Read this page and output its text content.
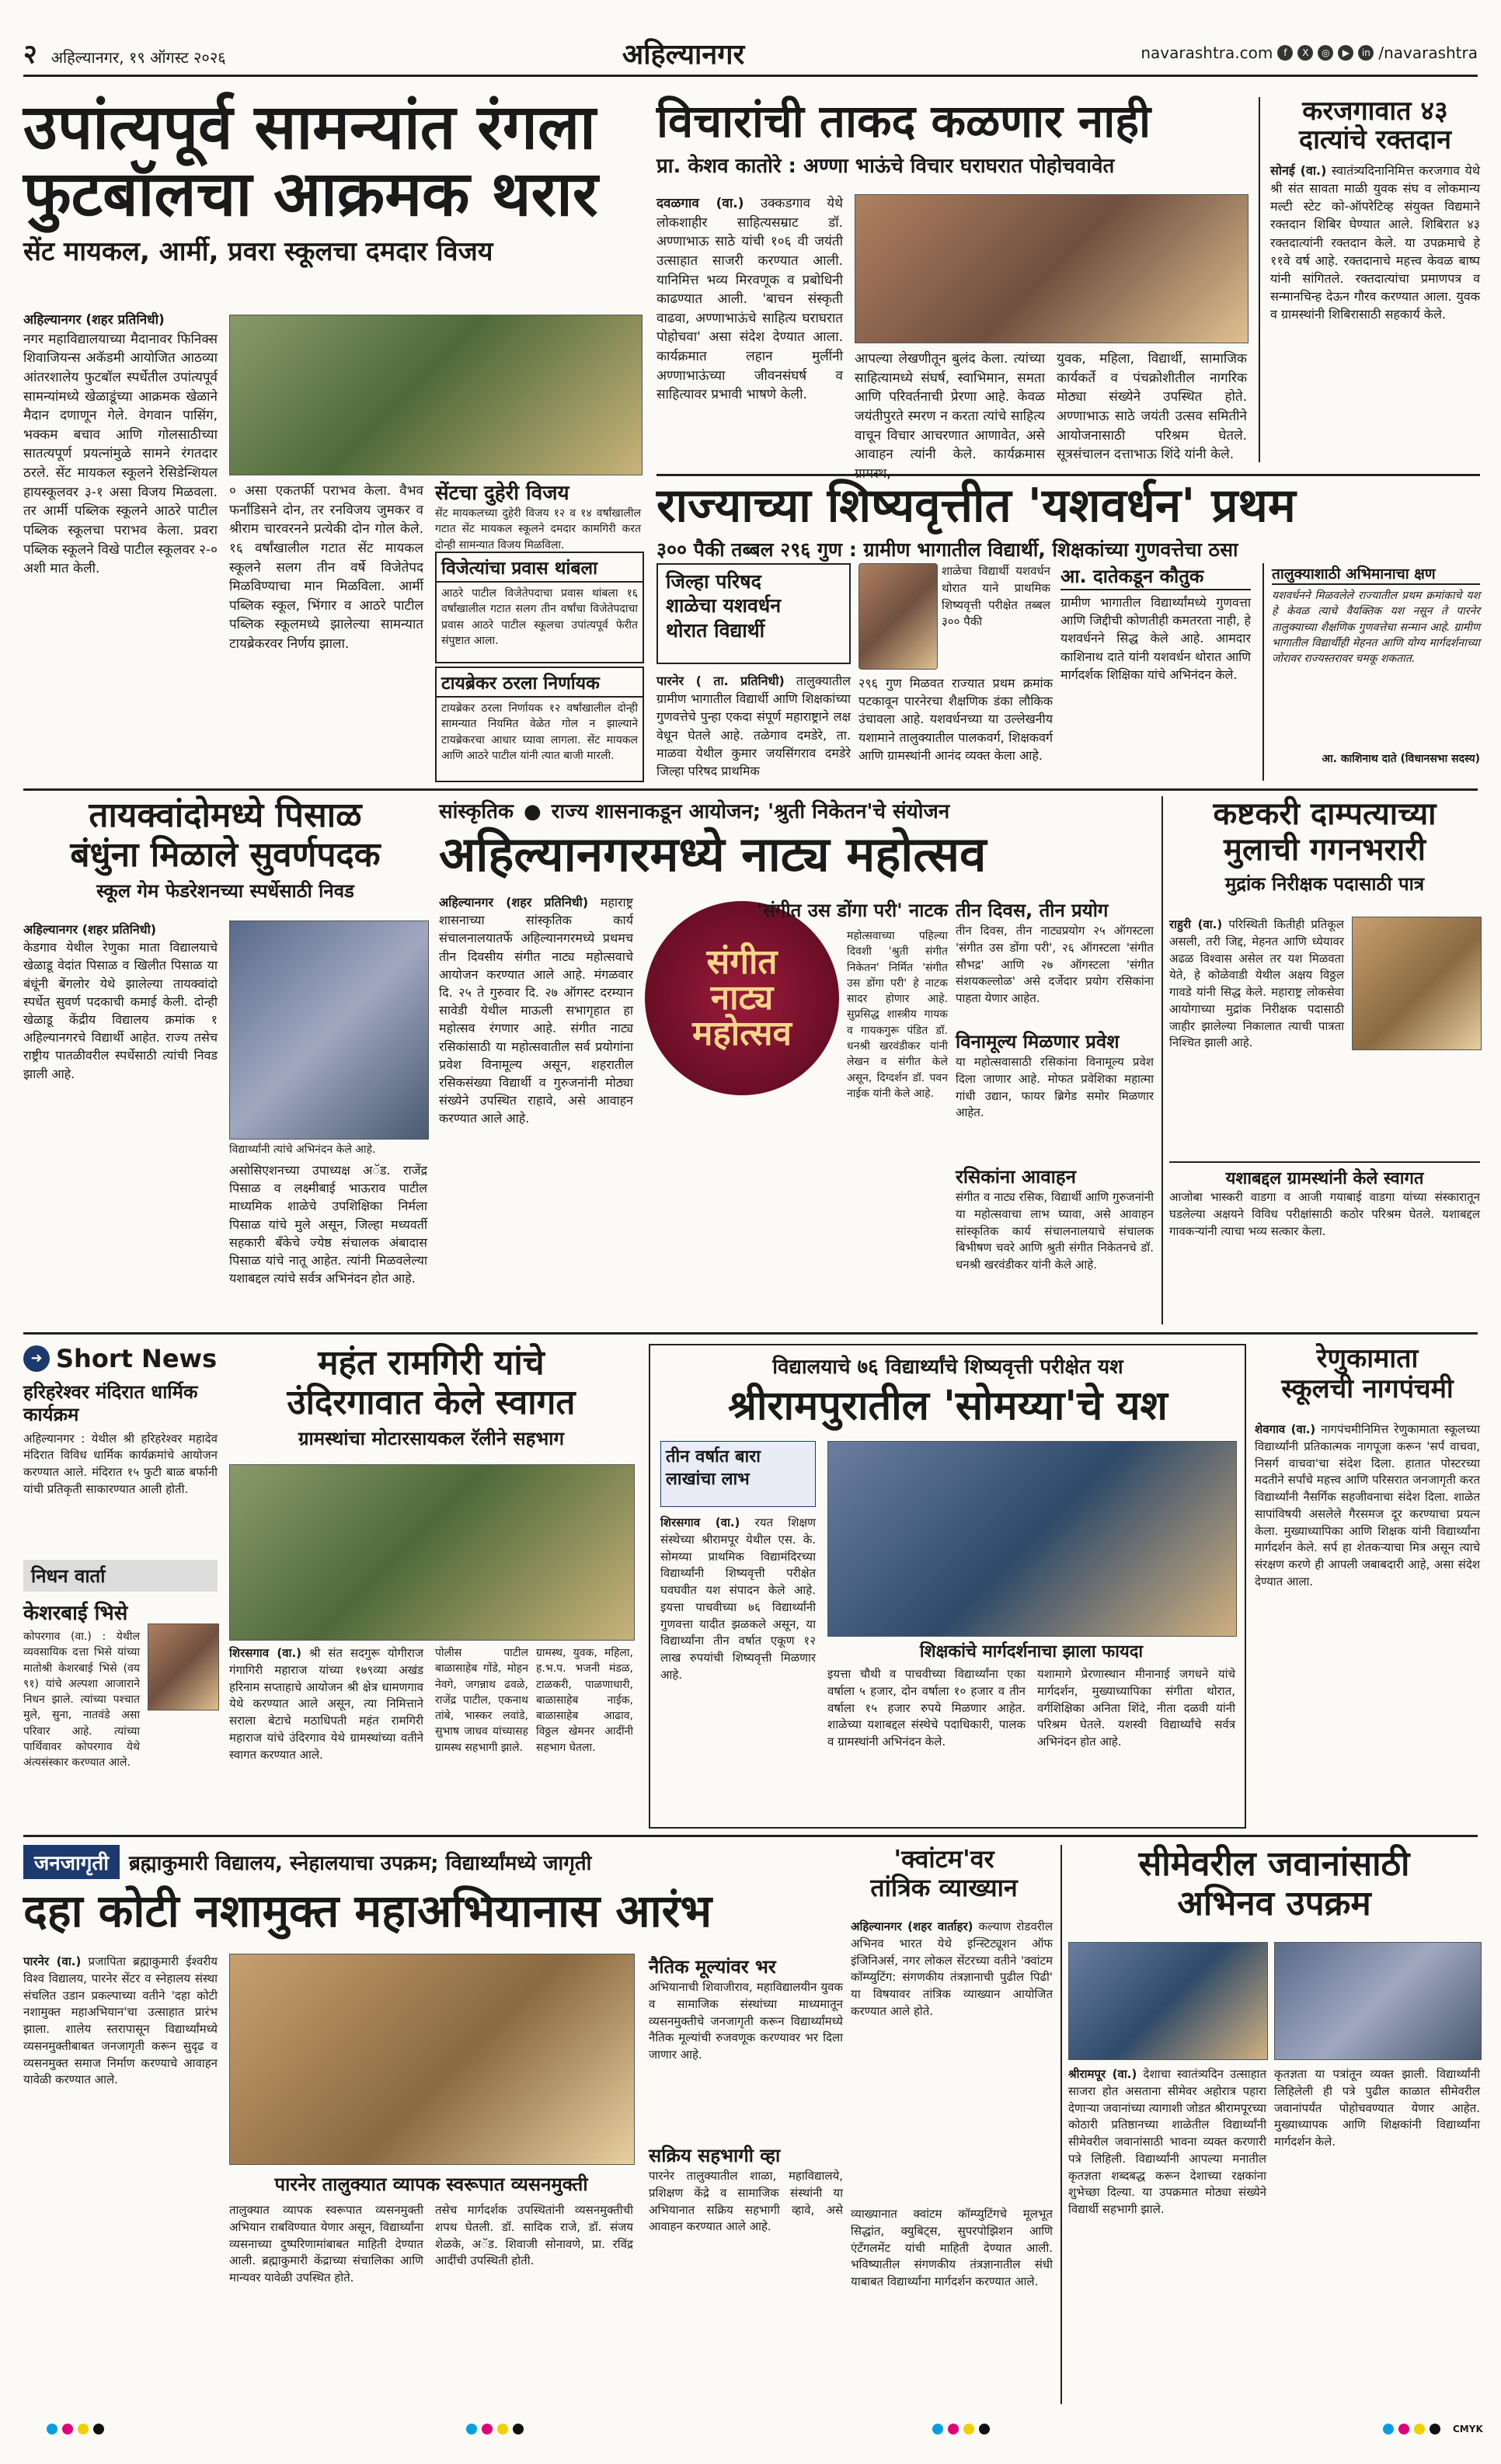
२ अहिल्यानगर, १९ ऑगस्ट २०२६	अहिल्यानगर	navarashtra.com	f	X	◎	▶	in /navarashtra
उपांत्यपूर्व सामन्यांत रंगला
फुटबॉलचा आक्रमक थरार
सेंट मायकल, आर्मी, प्रवरा स्कूलचा दमदार विजय
अहिल्यानगर (शहर प्रतिनिधी)
नगर महाविद्यालयाच्या मैदानावर फिनिक्स शिवाजियन्स अकॅडमी आयोजित आठव्या आंतरशालेय फुटबॉल स्पर्धेतील उपांत्यपूर्व सामन्यांमध्ये खेळाडूंच्या आक्रमक खेळाने मैदान दणाणून गेले. वेगवान पासिंग, भक्कम बचाव आणि गोलसाठीच्या सातत्यपूर्ण प्रयत्नांमुळे सामने रंगतदार ठरले. सेंट मायकल स्कूलने रेसिडेन्शियल हायस्कूलवर ३-१ असा विजय मिळवला. तर आर्मी पब्लिक स्कूलने आठरे पाटील पब्लिक स्कूलचा पराभव केला. प्रवरा पब्लिक स्कूलने विखे पाटील स्कूलवर २-० अशी मात केली.
० असा एकतर्फी पराभव केला. वैभव फर्नांडिसने दोन, तर रनविजय जुमकर व श्रीराम चारवरनने प्रत्येकी दोन गोल केले. १६ वर्षांखालील गटात सेंट मायकल स्कूलने सलग तीन वर्षे विजेतेपद मिळविण्याचा मान मिळविला. आर्मी पब्लिक स्कूल, भिंगार व आठरे पाटील पब्लिक स्कूलमध्ये झालेल्या सामन्यात टायब्रेकरवर निर्णय झाला.
सेंटचा दुहेरी विजय
सेंट मायकलच्या दुहेरी विजय १२ व १४ वर्षांखालील गटात सेंट मायकल स्कूलने दमदार कामगिरी करत दोन्ही सामन्यात विजय मिळविला.
विजेत्यांचा प्रवास थांबला
आठरे पाटील विजेतेपदाचा प्रवास थांबला १६ वर्षांखालील गटात सलग तीन वर्षांचा विजेतेपदाचा प्रवास आठरे पाटील स्कूलचा उपांत्यपूर्व फेरीत संपुष्टात आला.
टायब्रेकर ठरला निर्णायक
टायब्रेकर ठरला निर्णायक १२ वर्षांखालील दोन्ही सामन्यात नियमित वेळेत गोल न झाल्याने टायब्रेकरचा आधार घ्यावा लागला. सेंट मायकल आणि आठरे पाटील यांनी त्यात बाजी मारली.
विचारांची ताकद कळणार नाही
प्रा. केशव कातोरे : अण्णा भाऊंचे विचार घराघरात पोहोचवावेत
दवळगाव (वा.) उक्कडगाव येथे लोकशाहीर साहित्यसम्राट डॉ. अण्णाभाऊ साठे यांची १०६ वी जयंती उत्साहात साजरी करण्यात आली. यानिमित्त भव्य मिरवणूक व प्रबोधिनी काढण्यात आली. 'बाचन संस्कृती वाढवा, अण्णाभाऊंचे साहित्य घराघरात पोहोचवा' असा संदेश देण्यात आला. कार्यक्रमात लहान मुलींनी अण्णाभाऊंच्या जीवनसंघर्ष व साहित्यावर प्रभावी भाषणे केली.
आपल्या लेखणीतून बुलंद केला. त्यांच्या साहित्यामध्ये संघर्ष, स्वाभिमान, समता आणि परिवर्तनाची प्रेरणा आहे. केवळ जयंतीपुरते स्मरण न करता त्यांचे साहित्य वाचून विचार आचरणात आणावेत, असे आवाहन त्यांनी केले. कार्यक्रमास ग्रामस्थ,
युवक, महिला, विद्यार्थी, सामाजिक कार्यकर्ते व पंचक्रोशीतील नागरिक मोठ्या संख्येने उपस्थित होते. अण्णाभाऊ साठे जयंती उत्सव समितीने आयोजनासाठी परिश्रम घेतले. सूत्रसंचालन दत्ताभाऊ शिंदे यांनी केले.
करजगावात ४३
दात्यांचे रक्तदान
सोनई (वा.) स्वातंत्र्यदिनानिमित्त करजगाव येथे श्री संत सावता माळी युवक संघ व लोकमान्य मल्टी स्टेट को-ऑपरेटिव्ह संयुक्त विद्यमाने रक्तदान शिबिर घेण्यात आले. शिबिरात ४३ रक्तदात्यांनी रक्तदान केले. या उपक्रमाचे हे ११वे वर्ष आहे. रक्तदानाचे महत्त्व केवळ बाष्प यांनी सांगितले. रक्तदात्यांचा प्रमाणपत्र व सन्मानचिन्ह देऊन गौरव करण्यात आला. युवक व ग्रामस्थांनी शिबिरासाठी सहकार्य केले.
राज्याच्या शिष्यवृत्तीत 'यशवर्धन' प्रथम
३०० पैकी तब्बल २९६ गुण : ग्रामीण भागातील विद्यार्थी, शिक्षकांच्या गुणवत्तेचा ठसा
जिल्हा परिषद
शाळेचा यशवर्धन
थोरात विद्यार्थी
शाळेचा विद्यार्थी यशवर्धन थोरात याने प्राथमिक शिष्यवृत्ती परीक्षेत तब्बल ३०० पैकी
पारनेर ( ता. प्रतिनिधी) तालुक्यातील ग्रामीण भागातील विद्यार्थी आणि शिक्षकांच्या गुणवत्तेचे पुन्हा एकदा संपूर्ण महाराष्ट्राने लक्ष वेधून घेतले आहे. तळेगाव दमडेरे, ता. माळवा येथील कुमार जयसिंगराव दमडेरे जिल्हा परिषद प्राथमिक
२९६ गुण मिळवत राज्यात प्रथम क्रमांक पटकावून पारनेरचा शैक्षणिक डंका लौकिक उंचावला आहे. यशवर्धनच्या या उल्लेखनीय यशामाने तालुक्यातील पालकवर्ग, शिक्षकवर्ग आणि ग्रामस्थांनी आनंद व्यक्त केला आहे.
आ. दातेकडून कौतुक
ग्रामीण भागातील विद्यार्थ्यांमध्ये गुणवत्ता आणि जिद्दीची कोणतीही कमतरता नाही, हे यशवर्धनने सिद्ध केले आहे. आमदार काशिनाथ दाते यांनी यशवर्धन थोरात आणि मार्गदर्शक शिक्षिका यांचे अभिनंदन केले.
तालुक्याशाठी अभिमानाचा क्षण
यशवर्धनने मिळवलेले राज्यातील प्रथम क्रमांकाचे यश हे केवळ त्याचे वैयक्तिक यश नसून ते पारनेर तालुक्याच्या शैक्षणिक गुणवत्तेचा सन्मान आहे. ग्रामीण भागातील विद्यार्थीही मेहनत आणि योग्य मार्गदर्शनाच्या जोरावर राज्यस्तरावर चमकू शकतात.
आ. काशिनाथ दाते (विधानसभा सदस्य)
तायक्वांदोमध्ये पिसाळ
बंधुंना मिळाले सुवर्णपदक
स्कूल गेम फेडरेशनच्या स्पर्धेसाठी निवड
अहिल्यानगर (शहर प्रतिनिधी)
केडगाव येथील रेणुका माता विद्यालयाचे खेळाडू वेदांत पिसाळ व खिलीत पिसाळ या बंधूंनी बेंगलोर येथे झालेल्या तायक्वांदो स्पर्धेत सुवर्ण पदकाची कमाई केली. दोन्ही खेळाडू केंद्रीय विद्यालय क्रमांक १ अहिल्यानगरचे विद्यार्थी आहेत. राज्य तसेच राष्ट्रीय पातळीवरील स्पर्धेसाठी त्यांची निवड झाली आहे.
विद्यार्थ्यांनी त्यांचे अभिनंदन केले आहे.
असोसिएशनच्या उपाध्यक्ष अॅड. राजेंद्र पिसाळ व लक्ष्मीबाई भाऊराव पाटील माध्यमिक शाळेचे उपशिक्षिका निर्मला पिसाळ यांचे मुले असून, जिल्हा मध्यवर्ती सहकारी बँकेचे ज्येष्ठ संचालक अंबादास पिसाळ यांचे नातू आहेत. त्यांनी मिळवलेल्या यशाबद्दल त्यांचे सर्वत्र अभिनंदन होत आहे.
सांस्कृतिक ● राज्य शासनाकडून आयोजन; 'श्रुती निकेतन'चे संयोजन
अहिल्यानगरमध्ये नाट्य महोत्सव
अहिल्यानगर (शहर प्रतिनिधी) महाराष्ट्र शासनाच्या सांस्कृतिक कार्य संचालनालयातर्फे अहिल्यानगरमध्ये प्रथमच तीन दिवसीय संगीत नाट्य महोत्सवाचे आयोजन करण्यात आले आहे. मंगळवार दि. २५ ते गुरुवार दि. २७ ऑगस्ट दरम्यान सावेडी येथील माऊली सभागृहात हा महोत्सव रंगणार आहे. संगीत नाट्य रसिकांसाठी या महोत्सवातील सर्व प्रयोगांना प्रवेश विनामूल्य असून, शहरातील रसिकसंख्या विद्यार्थी व गुरुजनांनी मोठ्या संख्येने उपस्थित राहावे, असे आवाहन करण्यात आले आहे.
संगीत
नाट्य
महोत्सव
'संगीत उस डोंगा परी' नाटक
महोत्सवाच्या पहिल्या दिवशी 'श्रुती संगीत निकेतन' निर्मित 'संगीत उस डोंगा परी' हे नाटक सादर होणार आहे. सुप्रसिद्ध शास्त्रीय गायक व गायकगुरू पंडित डॉ. धनश्री खरवंडीकर यांनी लेखन व संगीत केले असून, दिग्दर्शन डॉ. पवन नाईक यांनी केले आहे.
तीन दिवस, तीन प्रयोग
तीन दिवस, तीन नाट्यप्रयोग २५ ऑगस्टला 'संगीत उस डोंगा परी', २६ ऑगस्टला 'संगीत सौभद्र' आणि २७ ऑगस्टला 'संगीत संशयकल्लोळ' असे दर्जेदार प्रयोग रसिकांना पाहता येणार आहेत.
विनामूल्य मिळणार प्रवेश
या महोत्सवासाठी रसिकांना विनामूल्य प्रवेश दिला जाणार आहे. मोफत प्रवेशिका महात्मा गांधी उद्यान, फायर ब्रिगेड समोर मिळणार आहेत.
रसिकांना आवाहन
संगीत व नाट्य रसिक, विद्यार्थी आणि गुरुजनांनी या महोत्सवाचा लाभ घ्यावा, असे आवाहन सांस्कृतिक कार्य संचालनालयाचे संचालक बिभीषण चवरे आणि श्रुती संगीत निकेतनचे डॉ. धनश्री खरवंडीकर यांनी केले आहे.
कष्टकरी दाम्पत्याच्या
मुलाची गगनभरारी
मुद्रांक निरीक्षक पदासाठी पात्र
राहुरी (वा.) परिस्थिती कितीही प्रतिकूल असली, तरी जिद्द, मेहनत आणि ध्येयावर अढळ विश्वास असेल तर यश मिळवता येते, हे कोळेवाडी येथील अक्षय विठ्ठल गावडे यांनी सिद्ध केले. महाराष्ट्र लोकसेवा आयोगाच्या मुद्रांक निरीक्षक पदासाठी जाहीर झालेल्या निकालात त्याची पात्रता निश्चित झाली आहे.
यशाबद्दल ग्रामस्थांनी केले स्वागत
आजोबा भास्करी वाडगा व आजी गयाबाई वाडगा यांच्या संस्कारातून घडलेल्या अक्षयने विविध परीक्षांसाठी कठोर परिश्रम घेतले. यशाबद्दल गावकऱ्यांनी त्याचा भव्य सत्कार केला.
➜ Short News
हरिहरेश्वर मंदिरात धार्मिक कार्यक्रम
अहिल्यानगर : येथील श्री हरिहरेश्वर महादेव मंदिरात विविध धार्मिक कार्यक्रमांचे आयोजन करण्यात आले. मंदिरात १५ फुटी बाळ बर्फानी यांची प्रतिकृती साकारण्यात आली होती.
निधन वार्ता
केशरबाई भिसे
कोपरगाव (वा.) : येथील व्यवसायिक दत्ता भिसे यांच्या मातोश्री केशरबाई भिसे (वय ९१) यांचे अल्पशा आजाराने निधन झाले. त्यांच्या पश्चात मुले, सुना, नातवंडे असा परिवार आहे. त्यांच्या पार्थिवावर कोपरगाव येथे अंत्यसंस्कार करण्यात आले.
महंत रामगिरी यांचे
उंदिरगावात केले स्वागत
ग्रामस्थांचा मोटारसायकल रॅलीने सहभाग
शिरसगाव (वा.) श्री संत सदगुरू योगीराज गंगागिरी महाराज यांच्या १७९व्या अखंड हरिनाम सप्ताहाचे आयोजन श्री क्षेत्र धामणगाव येथे करण्यात आले असून, त्या निमित्ताने सराला बेटाचे मठाधिपती महंत रामगिरी महाराज यांचे उंदिरगाव येथे ग्रामस्थांच्या वतीने स्वागत करण्यात आले.
पोलीस पाटील बाळासाहेब गोंडे, मोहन नेवगे, जगन्नाथ ढवळे, राजेंद्र पाटील, एकनाथ तांबे, भास्कर लवांडे, सुभाष जाधव यांच्यासह ग्रामस्थ सहभागी झाले.
ग्रामस्थ, युवक, महिला, ह.भ.प. भजनी मंडळ, टाळकरी, पाळणाधारी, बाळासाहेब नाईक, बाळासाहेब आढाव, विठ्ठल खेमनर आदींनी सहभाग घेतला.
विद्यालयाचे ७६ विद्यार्थ्यांचे शिष्यवृत्ती परीक्षेत यश
श्रीरामपुरातील 'सोमय्या'चे यश
तीन वर्षात बारा लाखांचा लाभ
शिरसगाव (वा.) रयत शिक्षण संस्थेच्या श्रीरामपूर येथील एस. के. सोमय्या प्राथमिक विद्यामंदिरच्या विद्यार्थ्यांनी शिष्यवृत्ती परीक्षेत घवघवीत यश संपादन केले आहे. इयत्ता पाचवीच्या ७६ विद्यार्थ्यांनी गुणवत्ता यादीत झळकले असून, या विद्यार्थ्यांना तीन वर्षात एकूण १२ लाख रुपयांची शिष्यवृत्ती मिळणार आहे.
शिक्षकांचे मार्गदर्शनाचा झाला फायदा
इयत्ता चौथी व पाचवीच्या विद्यार्थ्यांना एका वर्षाला ५ हजार, दोन वर्षाला १० हजार व तीन वर्षाला १५ हजार रुपये मिळणार आहेत. शाळेच्या यशाबद्दल संस्थेचे पदाधिकारी, पालक व ग्रामस्थांनी अभिनंदन केले.
यशामागे प्रेरणास्थान मीनानाई जगधने यांचे मार्गदर्शन, मुख्याध्यापिका संगीता थोरात, वर्गशिक्षिका अनिता शिंदे, नीता दळवी यांनी परिश्रम घेतले. यशस्वी विद्यार्थ्यांचे सर्वत्र अभिनंदन होत आहे.
रेणुकामाता
स्कूलची नागपंचमी
शेवगाव (वा.) नागपंचमीनिमित्त रेणुकामाता स्कूलच्या विद्यार्थ्यांनी प्रतिकात्मक नागपूजा करून 'सर्पं वाचवा, निसर्ग वाचवा'चा संदेश दिला. हातात पोस्टरच्या मदतीने सर्पांचे महत्त्व आणि परिसरात जनजागृती करत विद्यार्थ्यांनी नैसर्गिक सहजीवनाचा संदेश दिला. शाळेत सापांविषयी असलेले गैरसमज दूर करण्याचा प्रयत्न केला. मुख्याध्यापिका आणि शिक्षक यांनी विद्यार्थ्यांना मार्गदर्शन केले. सर्प हा शेतकऱ्याचा मित्र असून त्याचे संरक्षण करणे ही आपली जबाबदारी आहे, असा संदेश देण्यात आला.
जनजागृती	ब्रह्माकुमारी विद्यालय, स्नेहालयाचा उपक्रम; विद्यार्थ्यांमध्ये जागृती
दहा कोटी नशामुक्त महाअभियानास आरंभ
पारनेर (वा.) प्रजापिता ब्रह्माकुमारी ईश्वरीय विश्व विद्यालय, पारनेर सेंटर व स्नेहालय संस्था संचलित उडान प्रकल्पाच्या वतीने 'दहा कोटी नशामुक्त महाअभियान'चा उत्साहात प्रारंभ झाला. शालेय स्तरापासून विद्यार्थ्यांमध्ये व्यसनमुक्तीबाबत जनजागृती करून सुदृढ व व्यसनमुक्त समाज निर्माण करण्याचे आवाहन यावेळी करण्यात आले.
पारनेर तालुक्यात व्यापक स्वरूपात व्यसनमुक्ती
तालुक्यात व्यापक स्वरूपात व्यसनमुक्ती अभियान राबविण्यात येणार असून, विद्यार्थ्यांना व्यसनाच्या दुष्परिणामांबाबत माहिती देण्यात आली. ब्रह्माकुमारी केंद्राच्या संचालिका आणि मान्यवर यावेळी उपस्थित होते.
तसेच मार्गदर्शक उपस्थितांनी व्यसनमुक्तीची शपथ घेतली. डॉ. सादिक राजे, डॉ. संजय शेळके, अॅड. शिवाजी सोनावणे, प्रा. रविंद्र आदींची उपस्थिती होती.
'क्वांटम'वर
तांत्रिक व्याख्यान
नैतिक मूल्यांवर भर
अभियानाची शिवाजीराव, महाविद्यालयीन युवक व सामाजिक संस्थांच्या माध्यमातून व्यसनमुक्तीचे जनजागृती करून विद्यार्थ्यांमध्ये नैतिक मूल्यांची रुजवणूक करण्यावर भर दिला जाणार आहे.
सक्रिय सहभागी व्हा
पारनेर तालुक्यातील शाळा, महाविद्यालये, प्रशिक्षण केंद्रे व सामाजिक संस्थांनी या अभियानात सक्रिय सहभागी व्हावे, असे आवाहन करण्यात आले आहे.
अहिल्यानगर (शहर वार्ताहर) कल्याण रोडवरील अभिनव भारत येथे इन्स्टिट्यूशन ऑफ इंजिनिअर्स, नगर लोकल सेंटरच्या वतीने 'क्वांटम कॉम्प्युटिंग: संगणकीय तंत्रज्ञानाची पुढील पिढी' या विषयावर तांत्रिक व्याख्यान आयोजित करण्यात आले होते.
व्याख्यानात क्वांटम कॉम्प्युटिंगचे मूलभूत सिद्धांत, क्युबिट्स, सुपरपोझिशन आणि एंटँगलमेंट यांची माहिती देण्यात आली. भविष्यातील संगणकीय तंत्रज्ञानातील संधी याबाबत विद्यार्थ्यांना मार्गदर्शन करण्यात आले.
सीमेवरील जवानांसाठी
अभिनव उपक्रम
श्रीरामपूर (वा.) देशाचा स्वातंत्र्यदिन उत्साहात साजरा होत असताना सीमेवर अहोरात्र पहारा देणाऱ्या जवानांच्या त्यागाशी जोडत श्रीरामपूरच्या कोठारी प्रतिष्ठानच्या शाळेतील विद्यार्थ्यांनी सीमेवरील जवानांसाठी भावना व्यक्त करणारी पत्रे लिहिली. विद्यार्थ्यांनी आपल्या मनातील कृतज्ञता शब्दबद्ध करून देशाच्या रक्षकांना शुभेच्छा दिल्या. या उपक्रमात मोठ्या संख्येने विद्यार्थी सहभागी झाले.
कृतज्ञता या पत्रांतून व्यक्त झाली. विद्यार्थ्यांनी लिहिलेली ही पत्रे पुढील काळात सीमेवरील जवानांपर्यंत पोहोचवण्यात येणार आहेत. मुख्याध्यापक आणि शिक्षकांनी विद्यार्थ्यांना मार्गदर्शन केले.
CMYK
